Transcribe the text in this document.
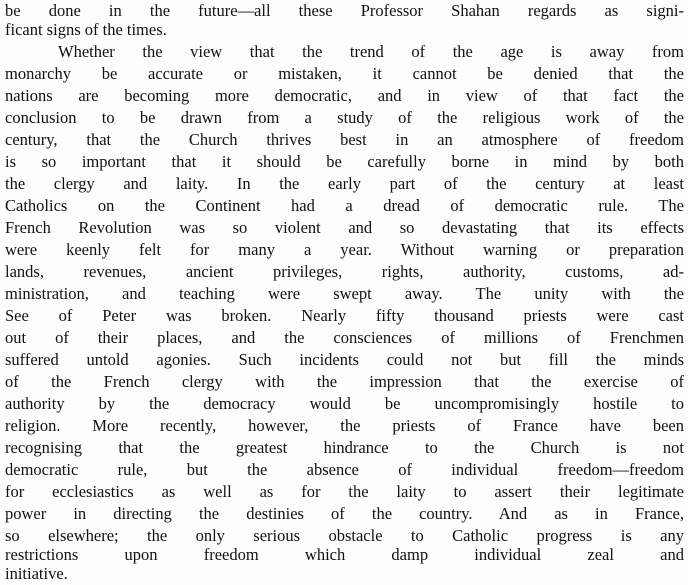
be done in the future—all these Professor Shahan regards as signi-
ficant signs of the times.
Whether the view that the trend of the age is away from
monarchy be accurate or mistaken, it cannot be denied that the
nations are becoming more democratic, and in view of that fact the
conclusion to be drawn from a study of the religious work of the
century, that the Church thrives best in an atmosphere of freedom
is so important that it should be carefully borne in mind by both
the clergy and laity. In the early part of the century at least
Catholics on the Continent had a dread of democratic rule. The
French Revolution was so violent and so devastating that its effects
were keenly felt for many a year. Without warning or preparation
lands, revenues, ancient privileges, rights, authority, customs, ad-
ministration, and teaching were swept away. The unity with the
See of Peter was broken. Nearly fifty thousand priests were cast
out of their places, and the consciences of millions of Frenchmen
suffered untold agonies. Such incidents could not but fill the minds
of the French clergy with the impression that the exercise of
authority by the democracy would be uncompromisingly hostile to
religion. More recently, however, the priests of France have been
recognising that the greatest hindrance to the Church is not
democratic rule, but the absence of individual freedom—freedom
for ecclesiastics as well as for the laity to assert their legitimate
power in directing the destinies of the country. And as in France,
so elsewhere; the only serious obstacle to Catholic progress is any
restrictions upon freedom which damp individual zeal and
initiative.
